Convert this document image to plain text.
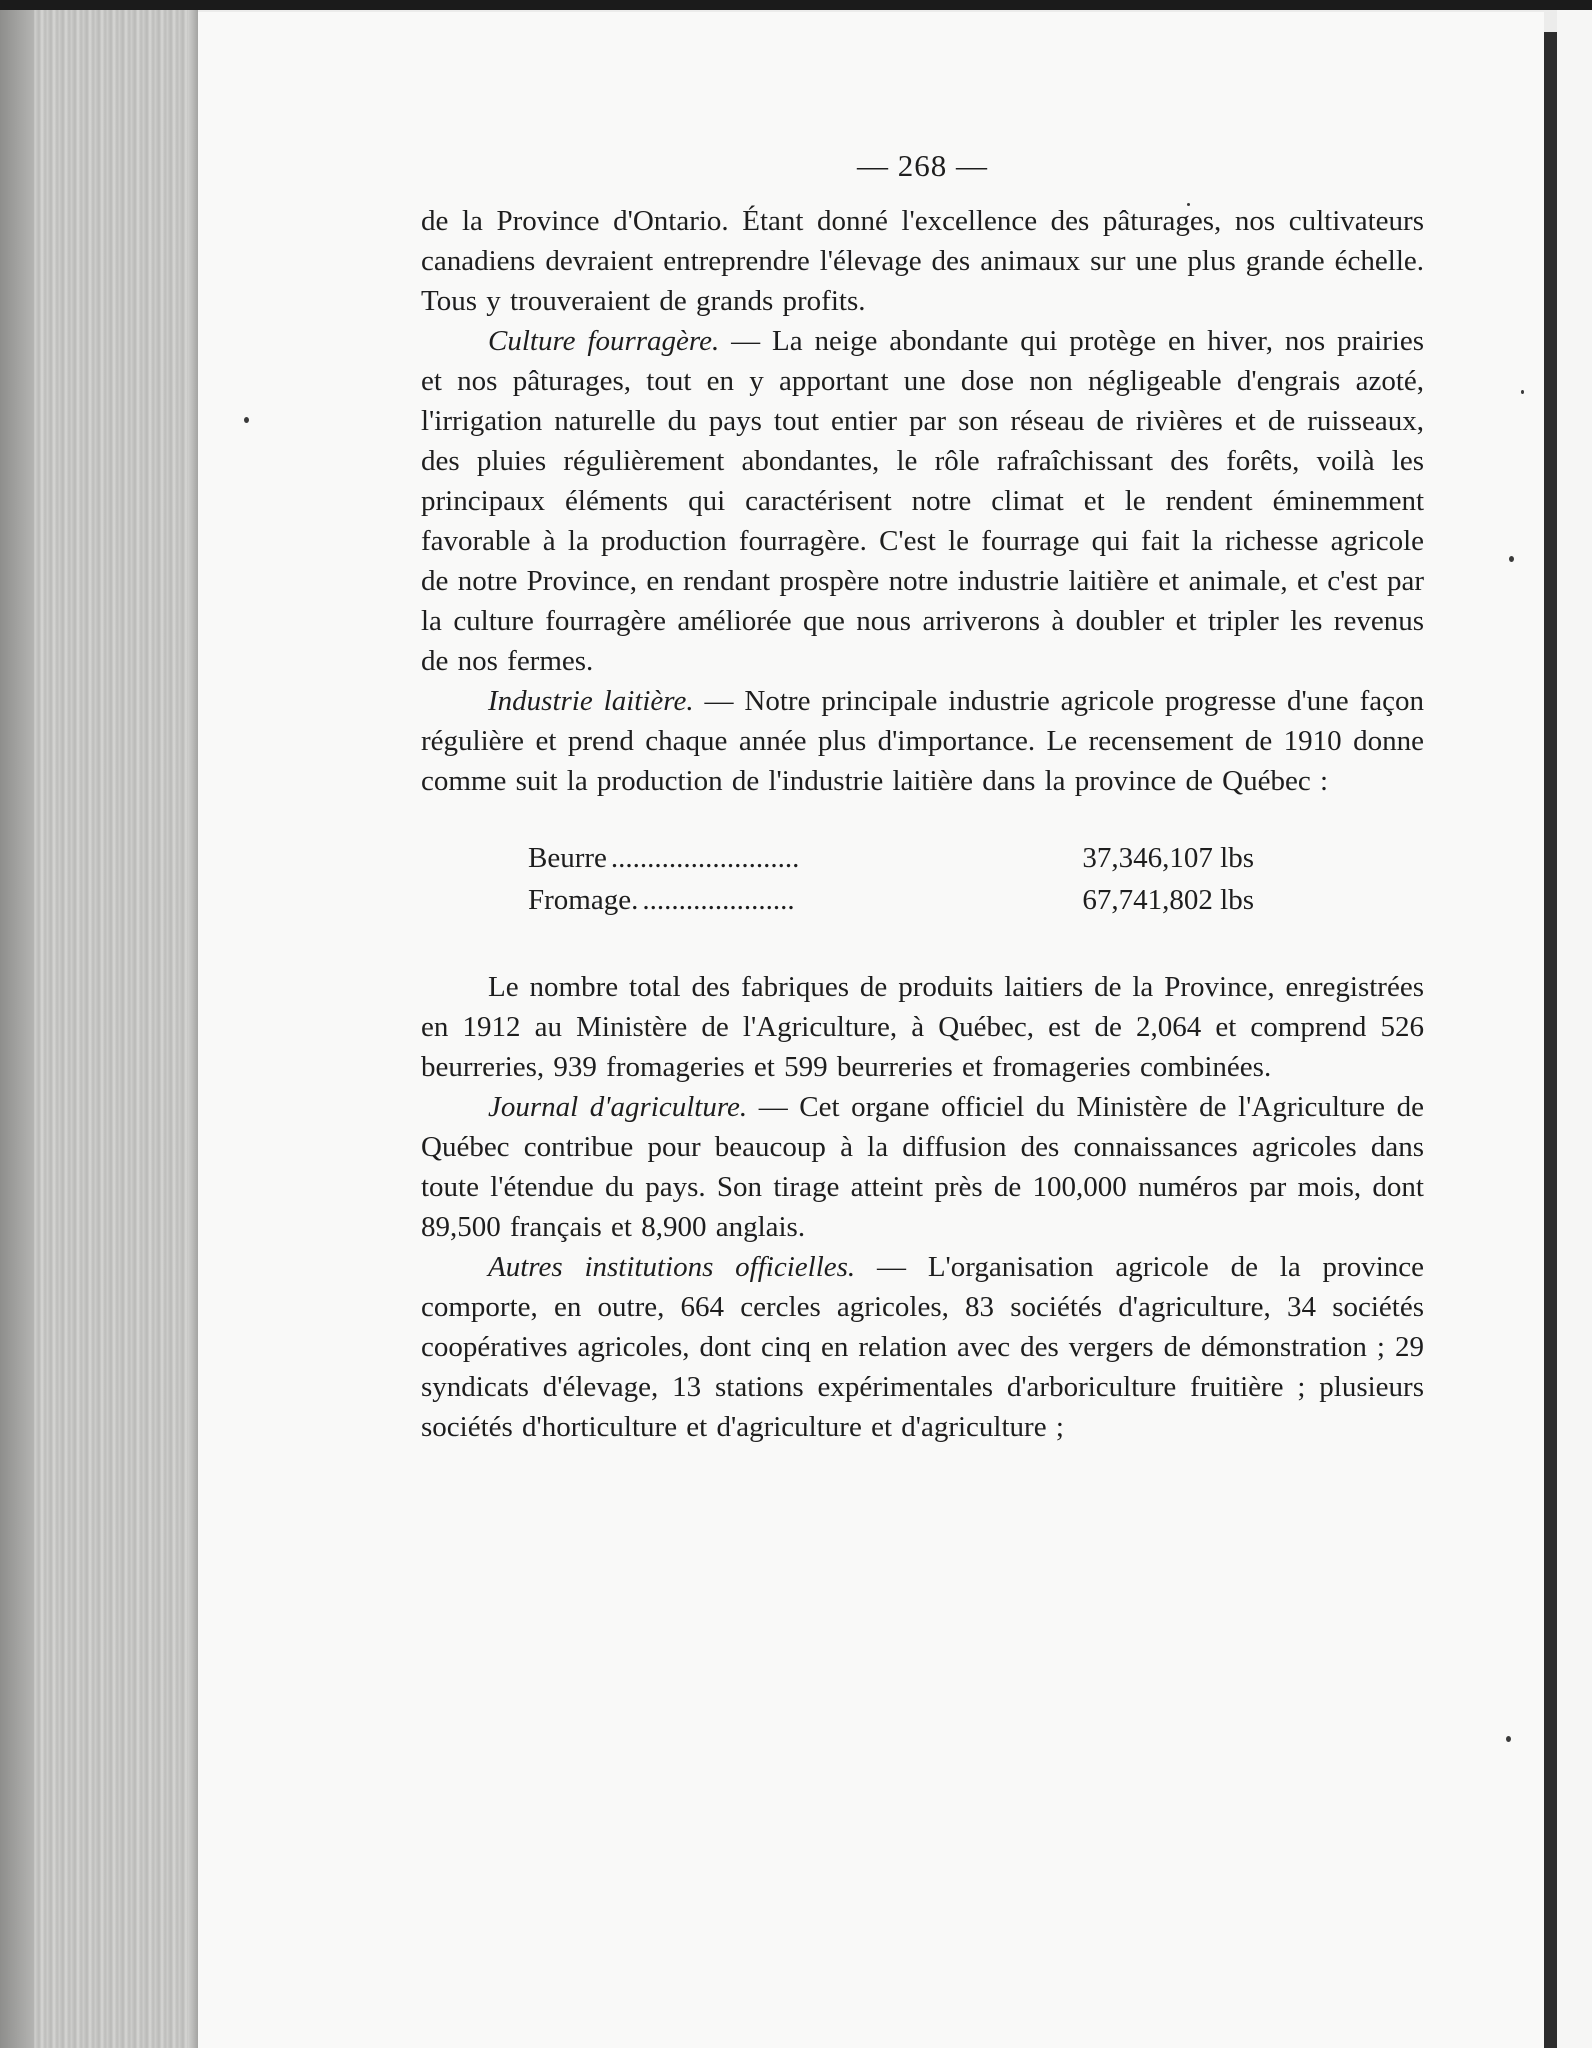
— 268 —

de la Province d'Ontario. Étant donné l'excellence des pâturages, nos cultivateurs canadiens devraient entreprendre l'élevage des animaux sur une plus grande échelle. Tous y trouveraient de grands profits.

Culture fourragère. — La neige abondante qui protège en hiver, nos prairies et nos pâturages, tout en y apportant une dose non négligeable d'engrais azoté, l'irrigation naturelle du pays tout entier par son réseau de rivières et de ruisseaux, des pluies régulièrement abondantes, le rôle rafraîchissant des forêts, voilà les principaux éléments qui caractérisent notre climat et le rendent éminemment favorable à la production fourragère. C'est le fourrage qui fait la richesse agricole de notre Province, en rendant prospère notre industrie laitière et animale, et c'est par la culture fourragère améliorée que nous arriverons à doubler et tripler les revenus de nos fermes.

Industrie laitière. — Notre principale industrie agricole progresse d'une façon régulière et prend chaque année plus d'importance. Le recensement de 1910 donne comme suit la production de l'industrie laitière dans la province de Québec :

Beurre ..........................	37,346,107 lbs
Fromage. .....................	67,741,802 lbs

Le nombre total des fabriques de produits laitiers de la Province, enregistrées en 1912 au Ministère de l'Agriculture, à Québec, est de 2,064 et comprend 526 beurreries, 939 fromageries et 599 beurreries et fromageries combinées.

Journal d'agriculture. — Cet organe officiel du Ministère de l'Agriculture de Québec contribue pour beaucoup à la diffusion des connaissances agricoles dans toute l'étendue du pays. Son tirage atteint près de 100,000 numéros par mois, dont 89,500 français et 8,900 anglais.

Autres institutions officielles. — L'organisation agricole de la province comporte, en outre, 664 cercles agricoles, 83 sociétés d'agriculture, 34 sociétés coopératives agricoles, dont cinq en relation avec des vergers de démonstration ; 29 syndicats d'élevage, 13 stations expérimentales d'arboriculture fruitière ; plusieurs sociétés d'horticulture et d'agriculture et d'agriculture ;
